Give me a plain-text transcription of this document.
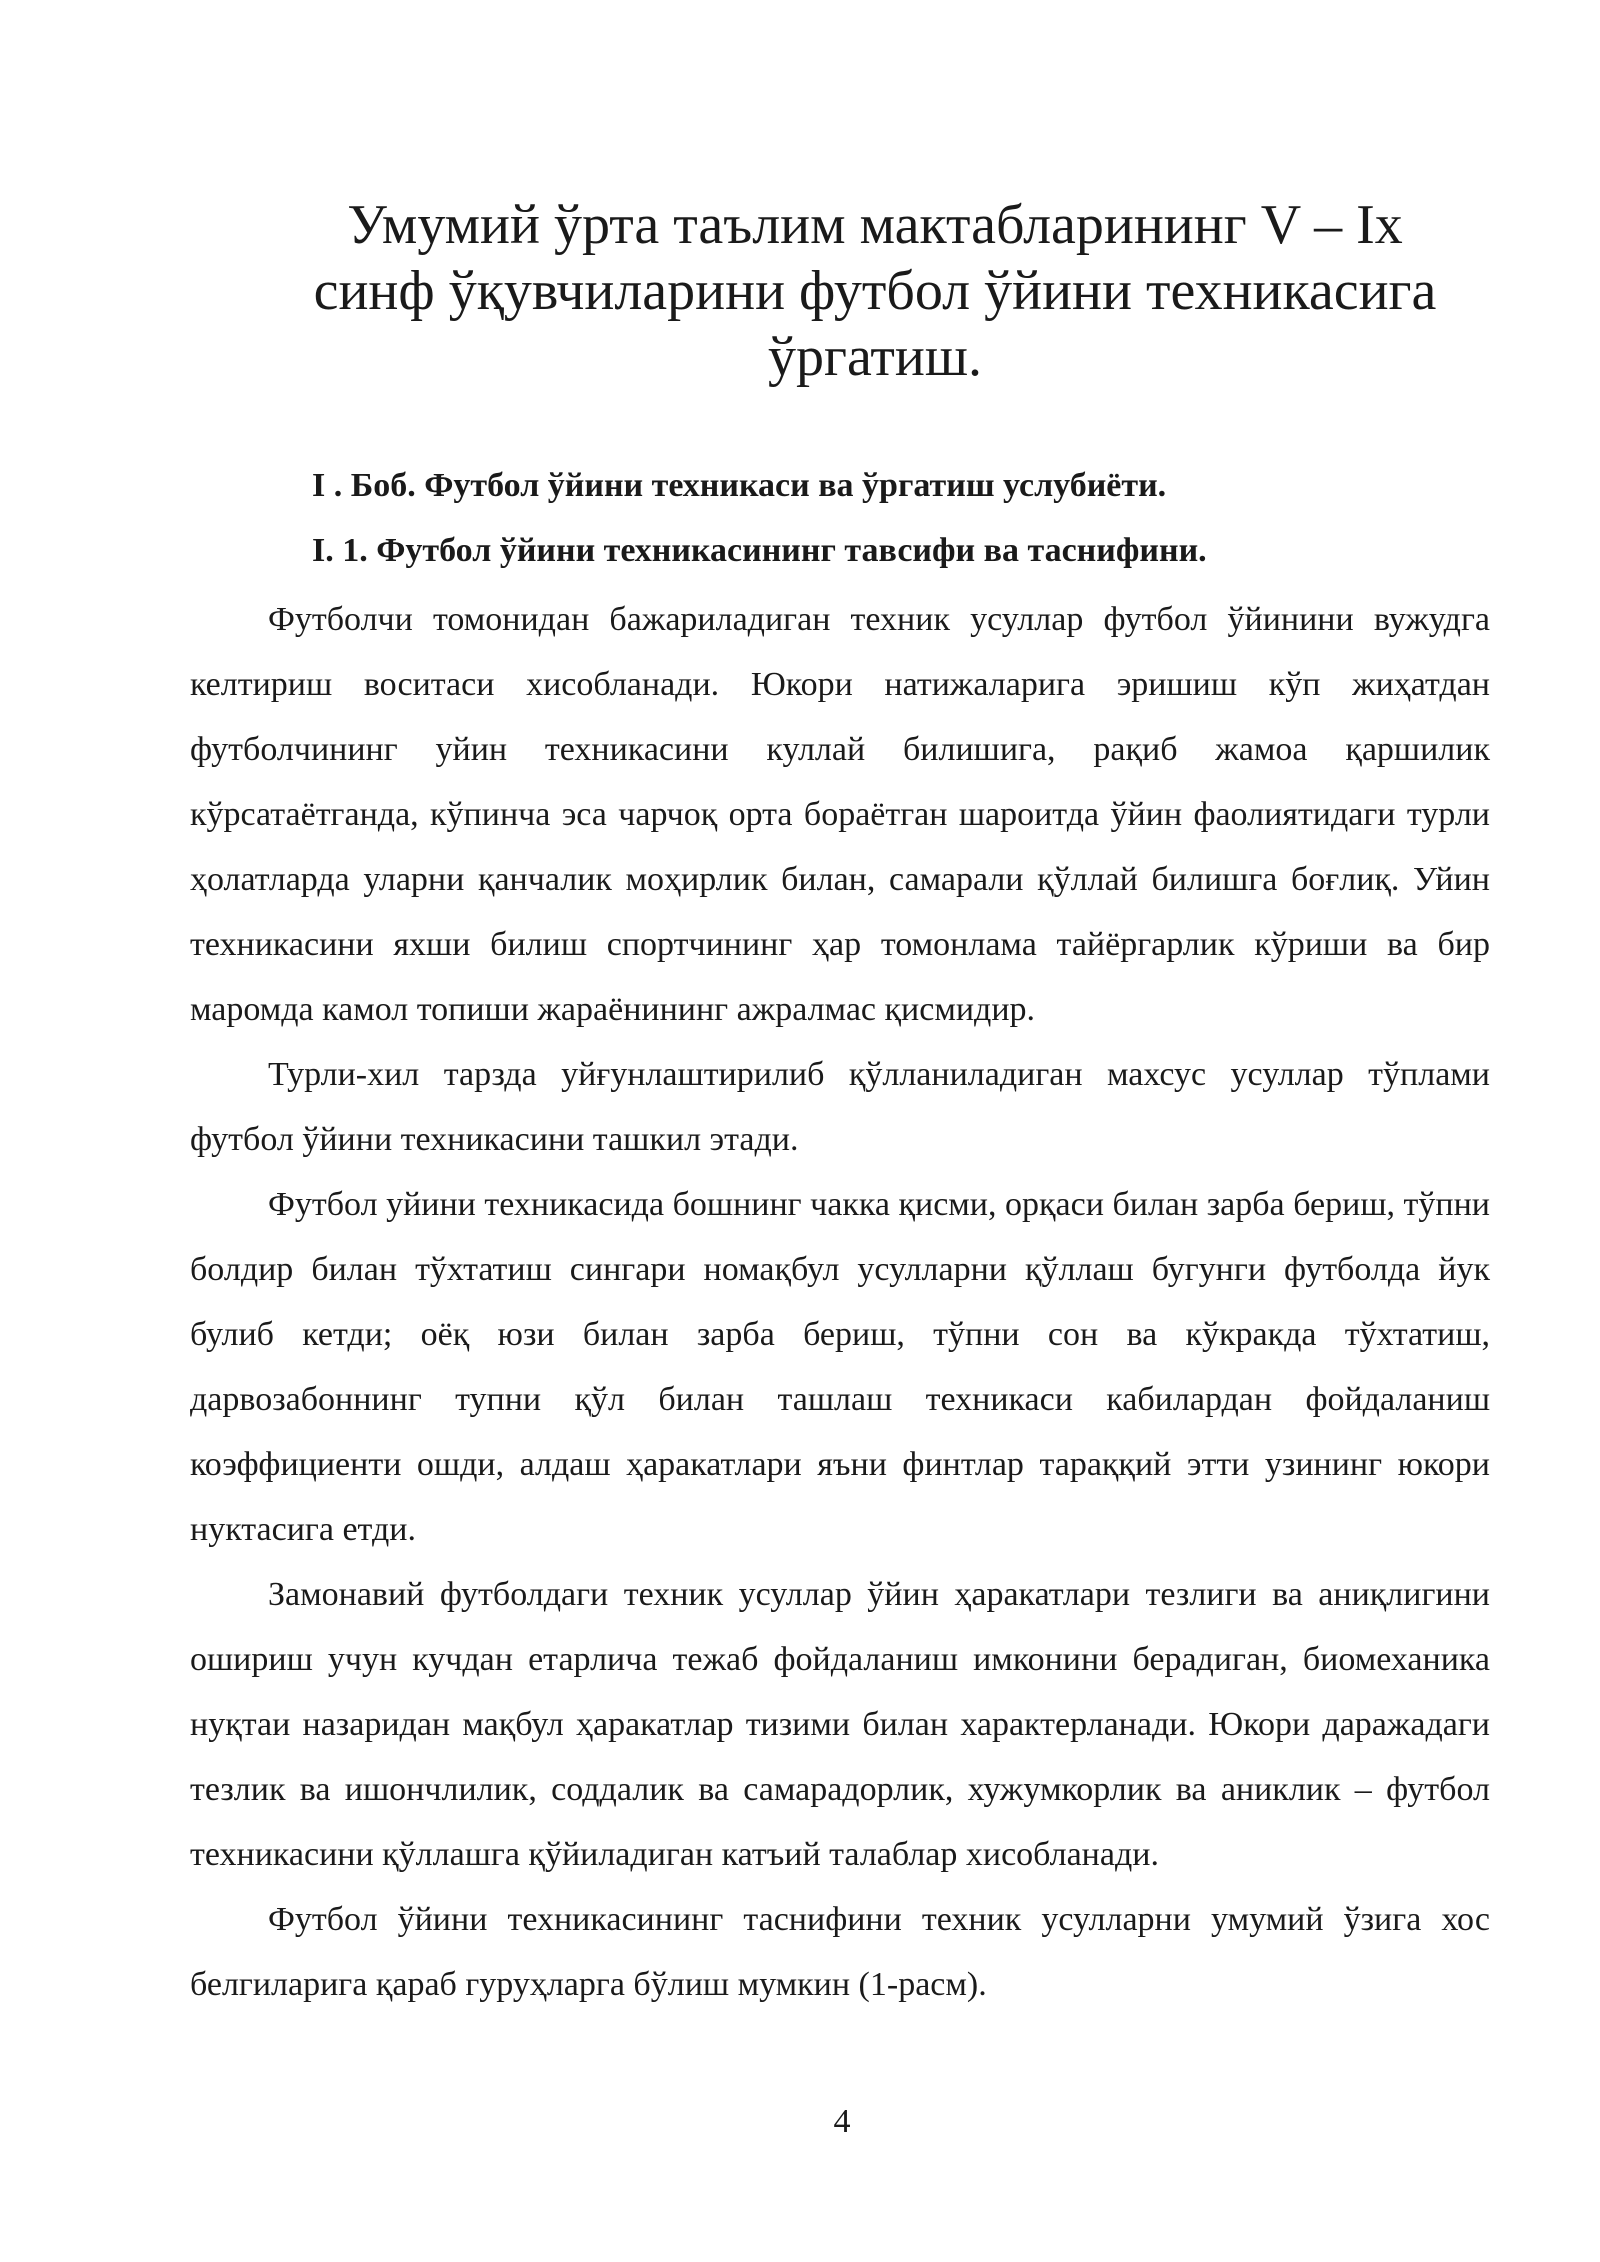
Умумий ўрта таълим мактабларининг V – Іх
синф ўқувчиларини футбол ўйини техникасига
ўргатиш.
I . Боб. Футбол ўйини техникаси ва ўргатиш услубиёти.
I. 1. Футбол ўйини техникасининг тавсифи ва таснифини.

Футболчи томонидан бажариладиган техник усуллар футбол ўйинини вужудга келтириш воситаси хисобланади. Юкори натижаларига эришиш кўп жиҳатдан футболчининг уйин техникасини куллай билишига, рақиб жамоа қаршилик кўрсатаётганда, кўпинча эса чарчоқ орта бораётган шароитда ўйин фаолиятидаги турли ҳолатларда уларни қанчалик моҳирлик билан, самарали қўллай билишга боғлиқ. Уйин техникасини яхши билиш спортчининг ҳар томонлама тайёргарлик кўриши ва бир маромда камол топиши жараёнининг ажралмас қисмидир.

Турли-хил тарзда уйғунлаштирилиб қўлланиладиган махсус усуллар тўплами футбол ўйини техникасини ташкил этади.

Футбол уйини техникасида бошнинг чакка қисми, орқаси билан зарба бериш, тўпни болдир билан тўхтатиш сингари номақбул усулларни қўллаш бугунги футболда йук булиб кетди; оёқ юзи билан зарба бериш, тўпни сон ва кўкракда тўхтатиш, дарвозабоннинг тупни қўл билан ташлаш техникаси кабилардан фойдаланиш коэффициенти ошди, алдаш ҳаракатлари яъни финтлар тараққий этти узининг юкори нуктасига етди.

Замонавий футболдаги техник усуллар ўйин ҳаракатлари тезлиги ва аниқлигини ошириш учун кучдан етарлича тежаб фойдаланиш имконини берадиган, биомеханика нуқтаи назаридан мақбул ҳаракатлар тизими билан характерланади. Юкори даражадаги тезлик ва ишончлилик, соддалик ва самарадорлик, хужумкорлик ва аниклик – футбол техникасини қўллашга қўйиладиган катъий талаблар хисобланади.

Футбол ўйини техникасининг таснифини техник усулларни умумий ўзига хос белгиларига қараб гуруҳларга бўлиш мумкин (1-расм).

4
